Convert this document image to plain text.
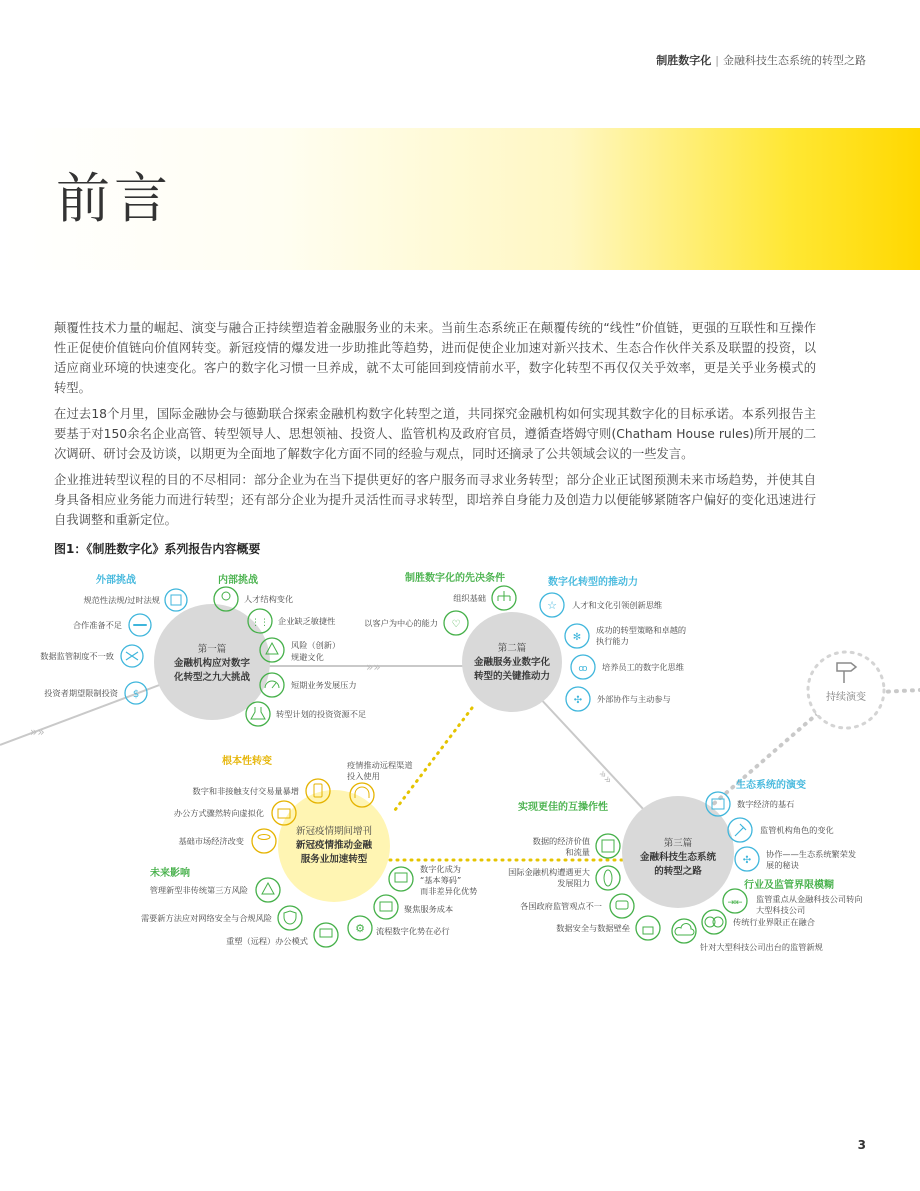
制胜数字化 | 金融科技生态系统的转型之路
前言

颠覆性技术力量的崛起、演变与融合正持续塑造着金融服务业的未来。当前生态系统正在颠覆传统的“线性”价值链，更强的互联性和互操作性正促使价值链向价值网转变。新冠疫情的爆发进一步助推此等趋势，进而促使企业加速对新兴技术、生态合作伙伴关系及联盟的投资，以适应商业环境的快速变化。客户的数字化习惯一旦养成，就不太可能回到疫情前水平，数字化转型不再仅仅关乎效率，更是关乎业务模式的转型。

在过去18个月里，国际金融协会与德勤联合探索金融机构数字化转型之道，共同探究金融机构如何实现其数字化的目标承诺。本系列报告主要基于对150余名企业高管、转型领导人、思想领袖、投资人、监管机构及政府官员，遵循查塔姆守则(Chatham House rules)所开展的二次调研、研讨会及访谈，以期更为全面地了解数字化方面不同的经验与观点，同时还摘录了公共领域会议的一些发言。

企业推进转型议程的目的不尽相同：部分企业为在当下提供更好的客户服务而寻求业务转型；部分企业正试图预测未来市场趋势，并使其自身具备相应业务能力而进行转型；还有部分企业为提升灵活性而寻求转型，即培养自身能力及创造力以便能够紧随客户偏好的变化迅速进行自我调整和重新定位。

图1：《制胜数字化》系列报告内容概要
»»
»»
»»
第一篇
金融机构应对数字
化转型之九大挑战
第二篇
金融服务业数字化
转型的关键推动力
第三篇
金融科技生态系统
的转型之路
新冠疫情期间增刊
新冠疫情推动金融
服务业加速转型
持续演变
外部挑战	内部挑战	制胜数字化的先决条件	数字化转型的推动力
根本性转变
未来影响
实现更佳的互操作性
生态系统的演变
行业及监管界限模糊
规范性法规/过时法规
合作准备不足
数据监管制度不一致
$
投资者期望限制投资
人才结构变化
⋮⋮ 企业缺乏敏捷性
风险（创新）
规避文化
短期业务发展压力
转型计划的投资资源不足
组织基础
♡
以客户为中心的能力
☆ 人才和文化引领创新思维
✻
成功的转型策略和卓越的
执行能力
ꝏ 培养员工的数字化思维
✣ 外部协作与主动参与
疫情推动远程渠道
投入使用
数字和非接触支付交易量暴增
办公方式骤然转向虚拟化
基础市场经济改变
管理新型非传统第三方风险
需要新方法应对网络安全与合规风险
重塑（远程）办公模式
⚙ 流程数字化势在必行
聚焦服务成本
数字化成为
“基本筹码”
而非差异化优势
数据的经济价值
和流量
国际金融机构遭遇更大
发展阻力
各国政府监管观点不一
数据安全与数据壁垒
数字经济的基石
监管机构角色的变化
✣
协作——生态系统繁荣发
展的秘诀
⇥⇤ 监管重点从金融科技公司转向
大型科技公司
传统行业界限正在融合
针对大型科技公司出台的监管新规
3
